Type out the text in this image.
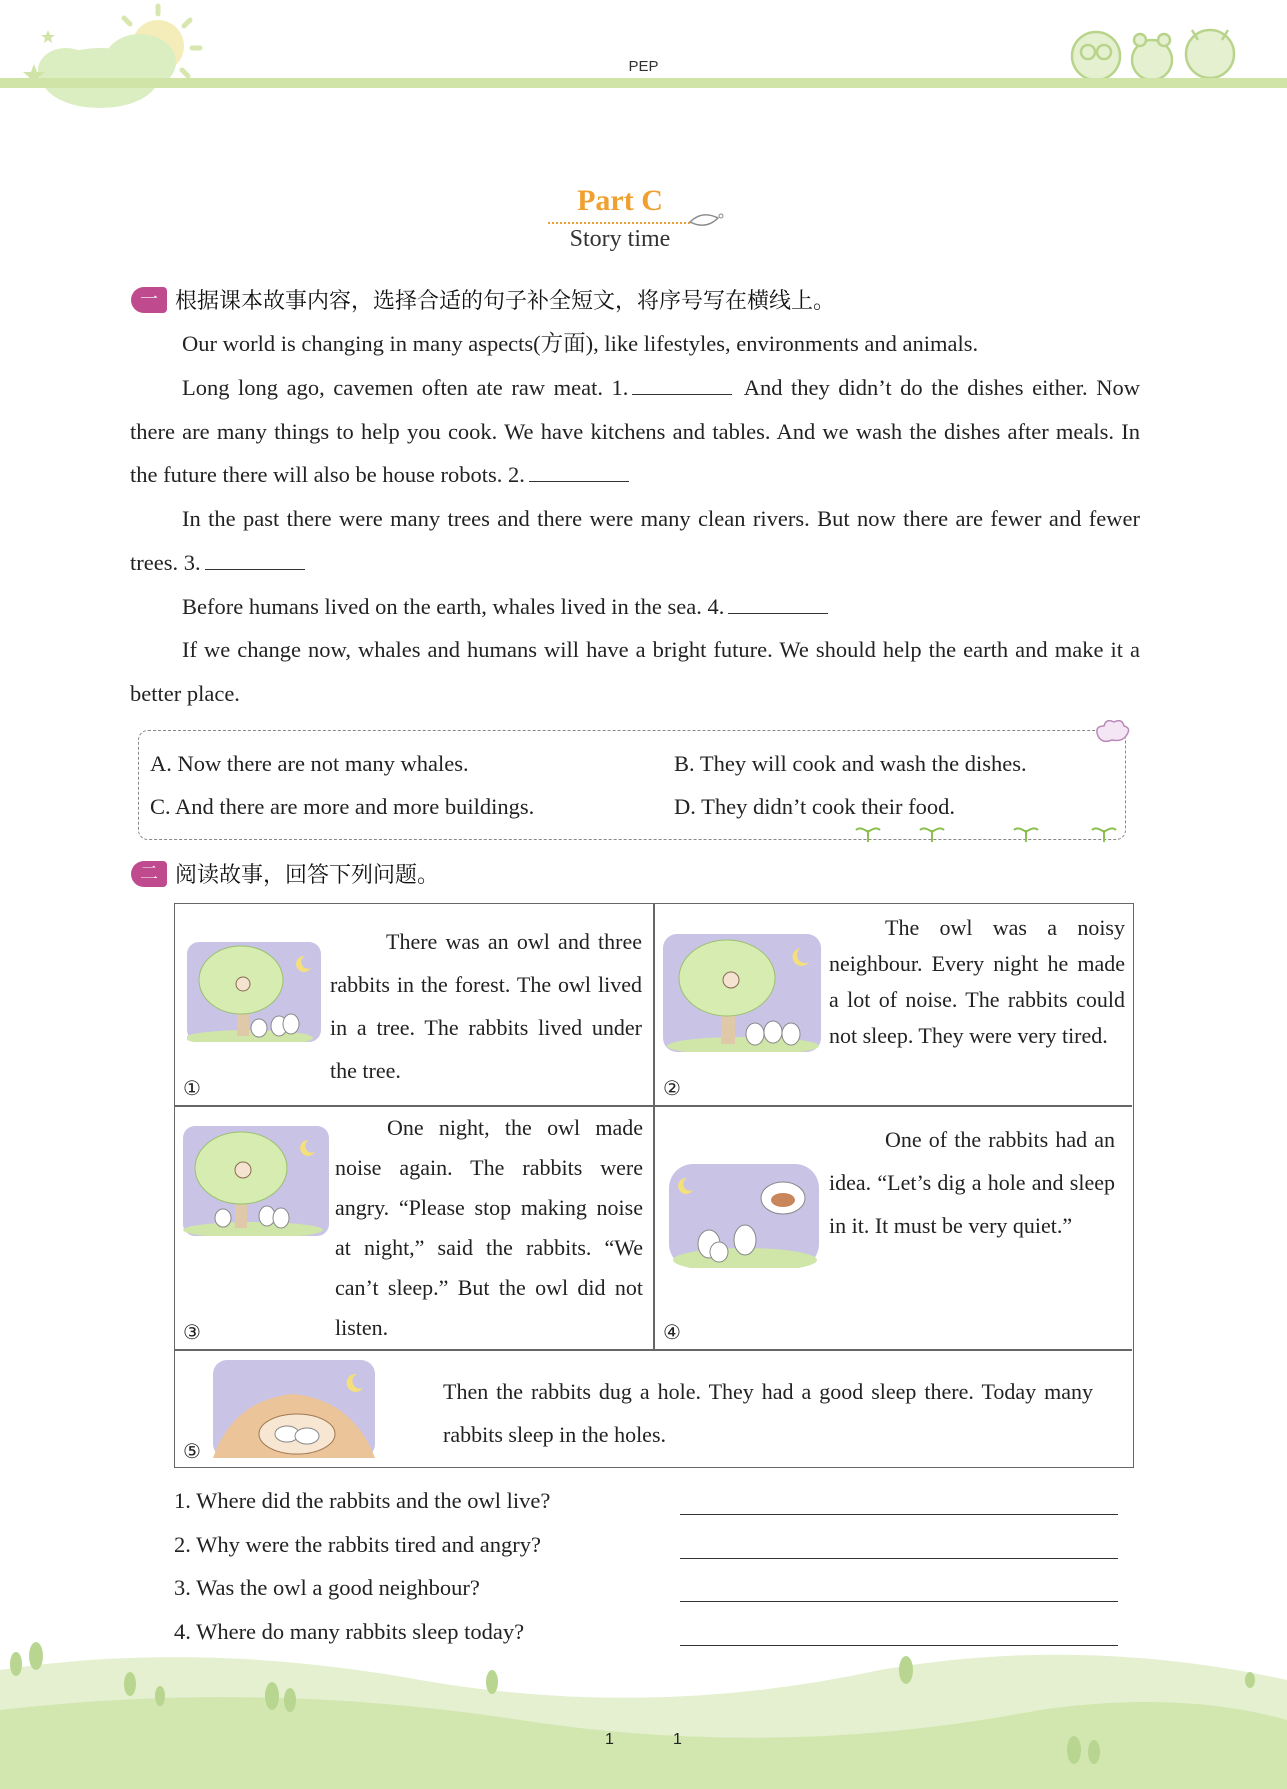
PEP
Part C
Story time
一 根据课本故事内容，选择合适的句子补全短文，将序号写在横线上。
Our world is changing in many aspects(方面), like lifestyles, environments and animals.
Long long ago, cavemen often ate raw meat. 1.	And they didn’t do the dishes either. Now there are many things to help you cook. We have kitchens and tables. And we wash the dishes after meals. In the future there will also be house robots. 2.
In the past there were many trees and there were many clean rivers. But now there are fewer and fewer trees. 3.
Before humans lived on the earth, whales lived in the sea. 4.
If we change now, whales and humans will have a bright future. We should help the earth and make it a better place.
A. Now there are not many whales.	B. They will cook and wash the dishes.
C. And there are more and more buildings.	D. They didn’t cook their food.
二 阅读故事，回答下列问题。
There was an owl and three rabbits in the forest. The owl lived in a tree. The rabbits lived under the tree.
①
The owl was a noisy neighbour. Every night he made a lot of noise. The rabbits could not sleep. They were very tired.
②
One night, the owl made noise again. The rabbits were angry. “Please stop making noise at night,” said the rabbits. “We can’t sleep.” But the owl did not listen.
③
One of the rabbits had an idea. “Let’s dig a hole and sleep in it. It must be very quiet.”
④
Then the rabbits dug a hole. They had a good sleep there. Today many rabbits sleep in the holes.
⑤
1. Where did the rabbits and the owl live?
2. Why were the rabbits tired and angry?
3. Was the owl a good neighbour?
4. Where do many rabbits sleep today?
1	1
